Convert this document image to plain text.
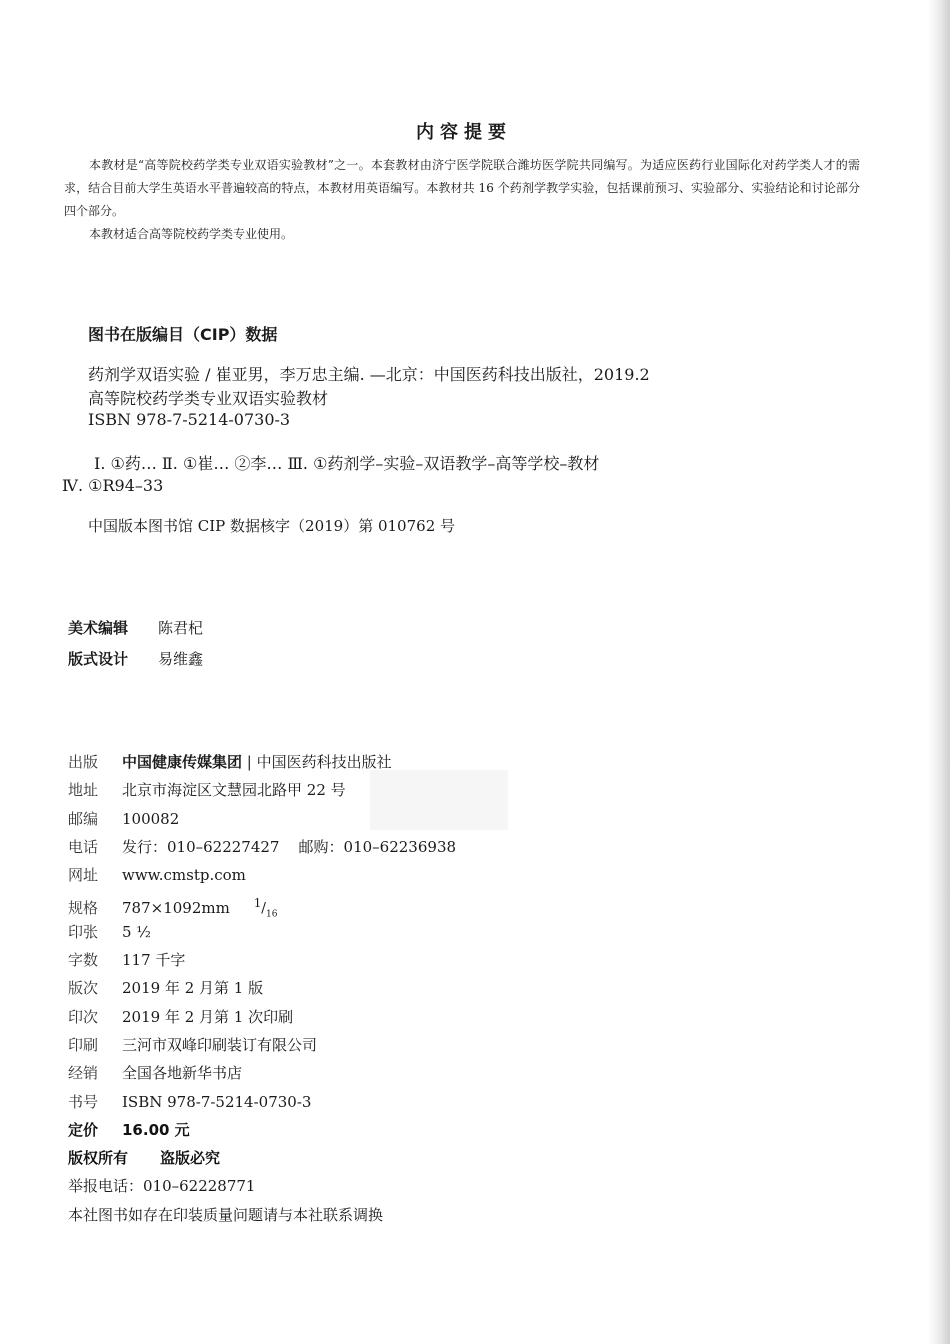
内容提要

本教材是“高等院校药学类专业双语实验教材”之一。本套教材由济宁医学院联合潍坊医学院共同编写。为适应医药行业国际化对药学类人才的需求，结合目前大学生英语水平普遍较高的特点，本教材用英语编写。本教材共 16 个药剂学教学实验，包括课前预习、实验部分、实验结论和讨论部分四个部分。

本教材适合高等院校药学类专业使用。

图书在版编目（CIP）数据
药剂学双语实验 / 崔亚男，李万忠主编. —北京：中国医药科技出版社，2019.2
高等院校药学类专业双语实验教材
ISBN 978-7-5214-0730-3
Ⅰ. ①药… Ⅱ. ①崔… ②李… Ⅲ. ①药剂学–实验–双语教学–高等学校–教材
Ⅳ. ①R94–33
中国版本图书馆 CIP 数据核字（2019）第 010762 号
美术编辑 陈君杞
版式设计 易维鑫
出版 中国健康传媒集团 | 中国医药科技出版社
地址 北京市海淀区文慧园北路甲 22 号
邮编 100082
电话 发行：010–62227427    邮购：010–62236938
网址 www.cmstp.com
规格 787×1092mm $^1/_{16}$
印张 5 ½
字数 117 千字
版次 2019 年 2 月第 1 版
印次 2019 年 2 月第 1 次印刷
印刷 三河市双峰印刷装订有限公司
经销 全国各地新华书店
书号 ISBN 978-7-5214-0730-3
定价 16.00 元
版权所有 盗版必究
举报电话：010–62228771
本社图书如存在印装质量问题请与本社联系调换
